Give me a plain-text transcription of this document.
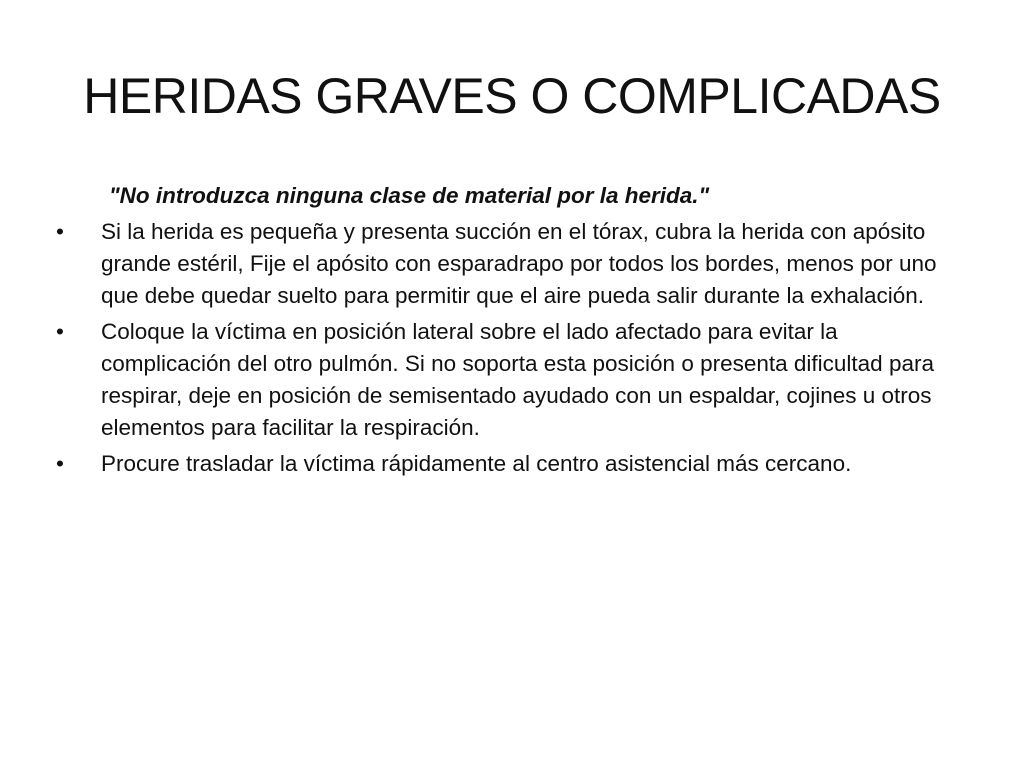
HERIDAS GRAVES O COMPLICADAS

"No introduzca ninguna clase de material por la herida."

• Si la herida es pequeña y presenta succión en el tórax, cubra la herida con apósito grande estéril, Fije el apósito con esparadrapo por todos los bordes, menos por uno que debe quedar suelto para permitir que el aire pueda salir durante la exhalación.
• Coloque la víctima en posición lateral sobre el lado afectado para evitar la complicación del otro pulmón. Si no soporta esta posición o presenta dificultad para respirar, deje en posición de semisentado ayudado con un espaldar, cojines u otros elementos para facilitar la respiración.
• Procure trasladar la víctima rápidamente al centro asistencial más cercano.
